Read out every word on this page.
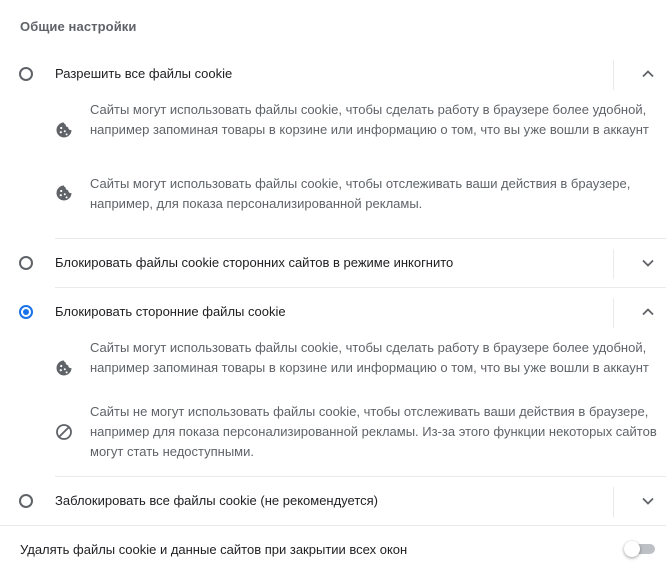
Общие настройки
Разрешить все файлы cookie
Сайты могут использовать файлы cookie, чтобы сделать работу в браузере более удобной, например запоминая товары в корзине или информацию о том, что вы уже вошли в аккаунт
Сайты могут использовать файлы cookie, чтобы отслеживать ваши действия в браузере, например, для показа персонализированной рекламы.
Блокировать файлы cookie сторонних сайтов в режиме инкогнито
Блокировать сторонние файлы cookie
Сайты могут использовать файлы cookie, чтобы сделать работу в браузере более удобной, например запоминая товары в корзине или информацию о том, что вы уже вошли в аккаунт
Сайты не могут использовать файлы cookie, чтобы отслеживать ваши действия в браузере, например для показа персонализированной рекламы. Из-за этого функции некоторых сайтов могут стать недоступными.
Заблокировать все файлы cookie (не рекомендуется)
Удалять файлы cookie и данные сайтов при закрытии всех окон
